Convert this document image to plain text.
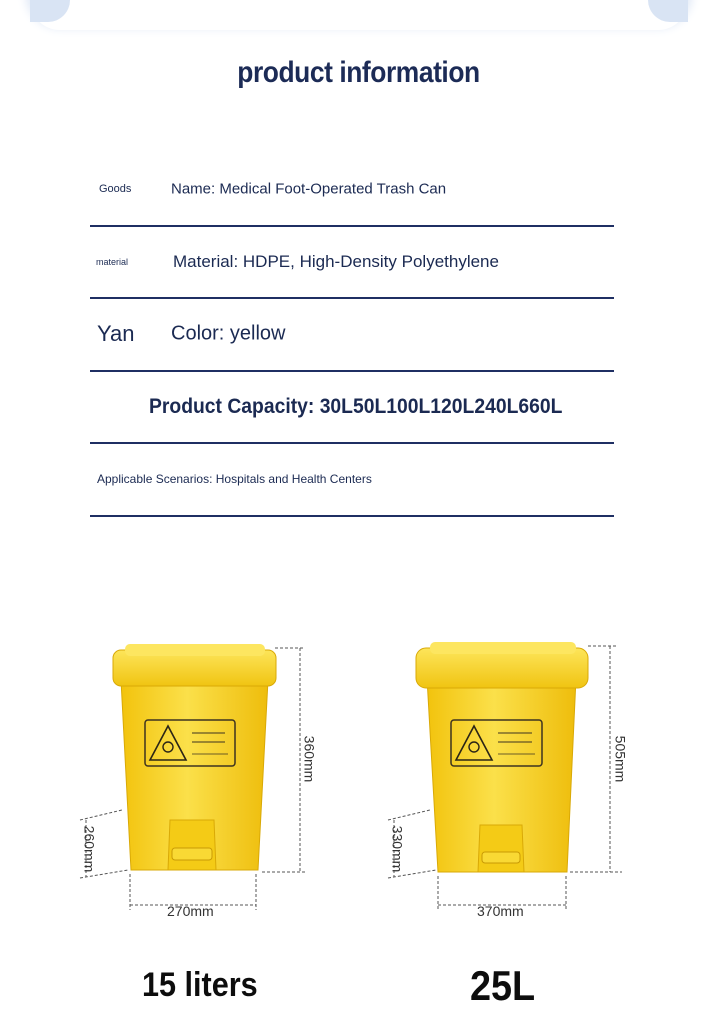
product information
Goods	Name: Medical Foot-Operated Trash Can
material	Material: HDPE, High-Density Polyethylene
Yan Color: yellow
Product Capacity: 30L50L100L120L240L660L
Applicable Scenarios: Hospitals and Health Centers
360mm
260mm
270mm
505mm
330mm
370mm
15 liters	25L
